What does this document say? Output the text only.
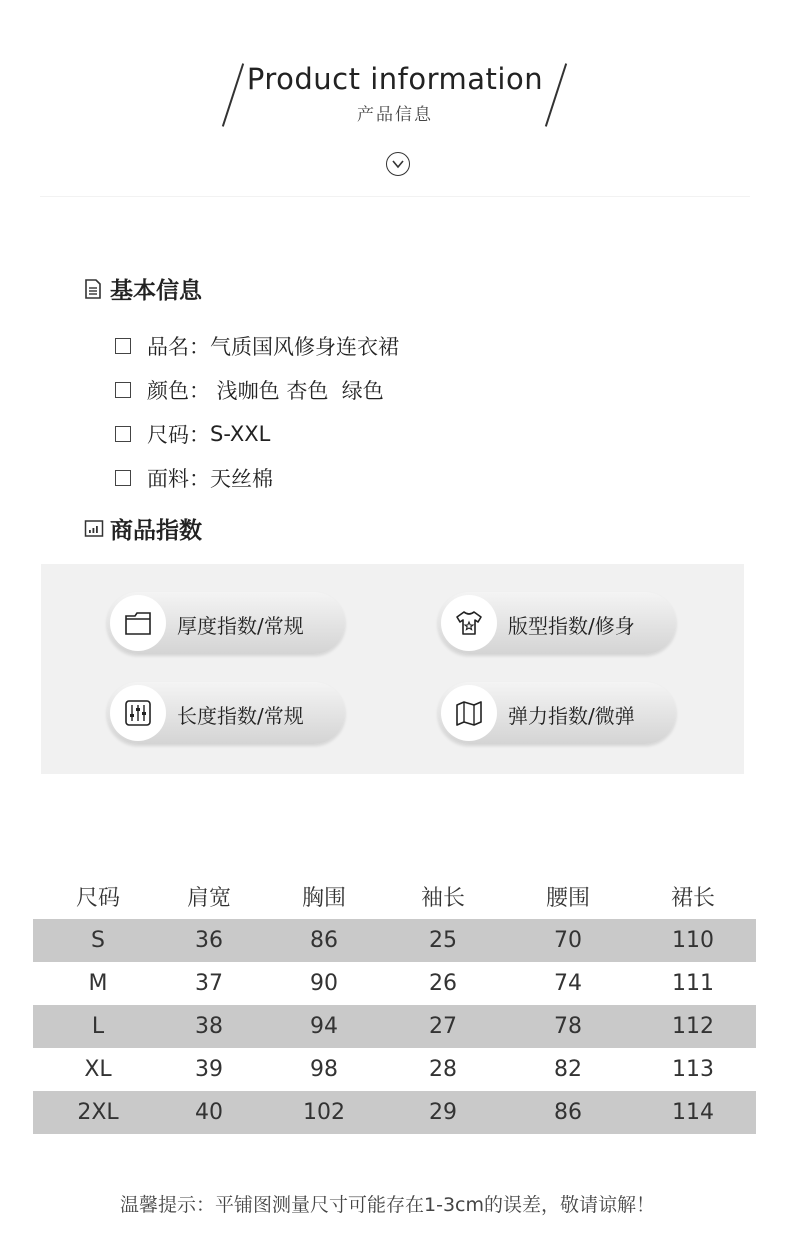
Product information
产品信息
基本信息
品名： 气质国风修身连衣裙
颜色： 浅咖色 杏色  绿色
尺码： S-XXL
面料： 天丝棉
商品指数
厚度指数/常规	版型指数/修身
长度指数/常规	弹力指数/微弹
尺码	肩宽	胸围	袖长	腰围	裙长
S	36	86	25	70	110
M	37	90	26	74	111
L	38	94	27	78	112
XL	39	98	28	82	113
2XL	40	102	29	86	114
温馨提示：平铺图测量尺寸可能存在1-3cm的误差，敬请谅解！
